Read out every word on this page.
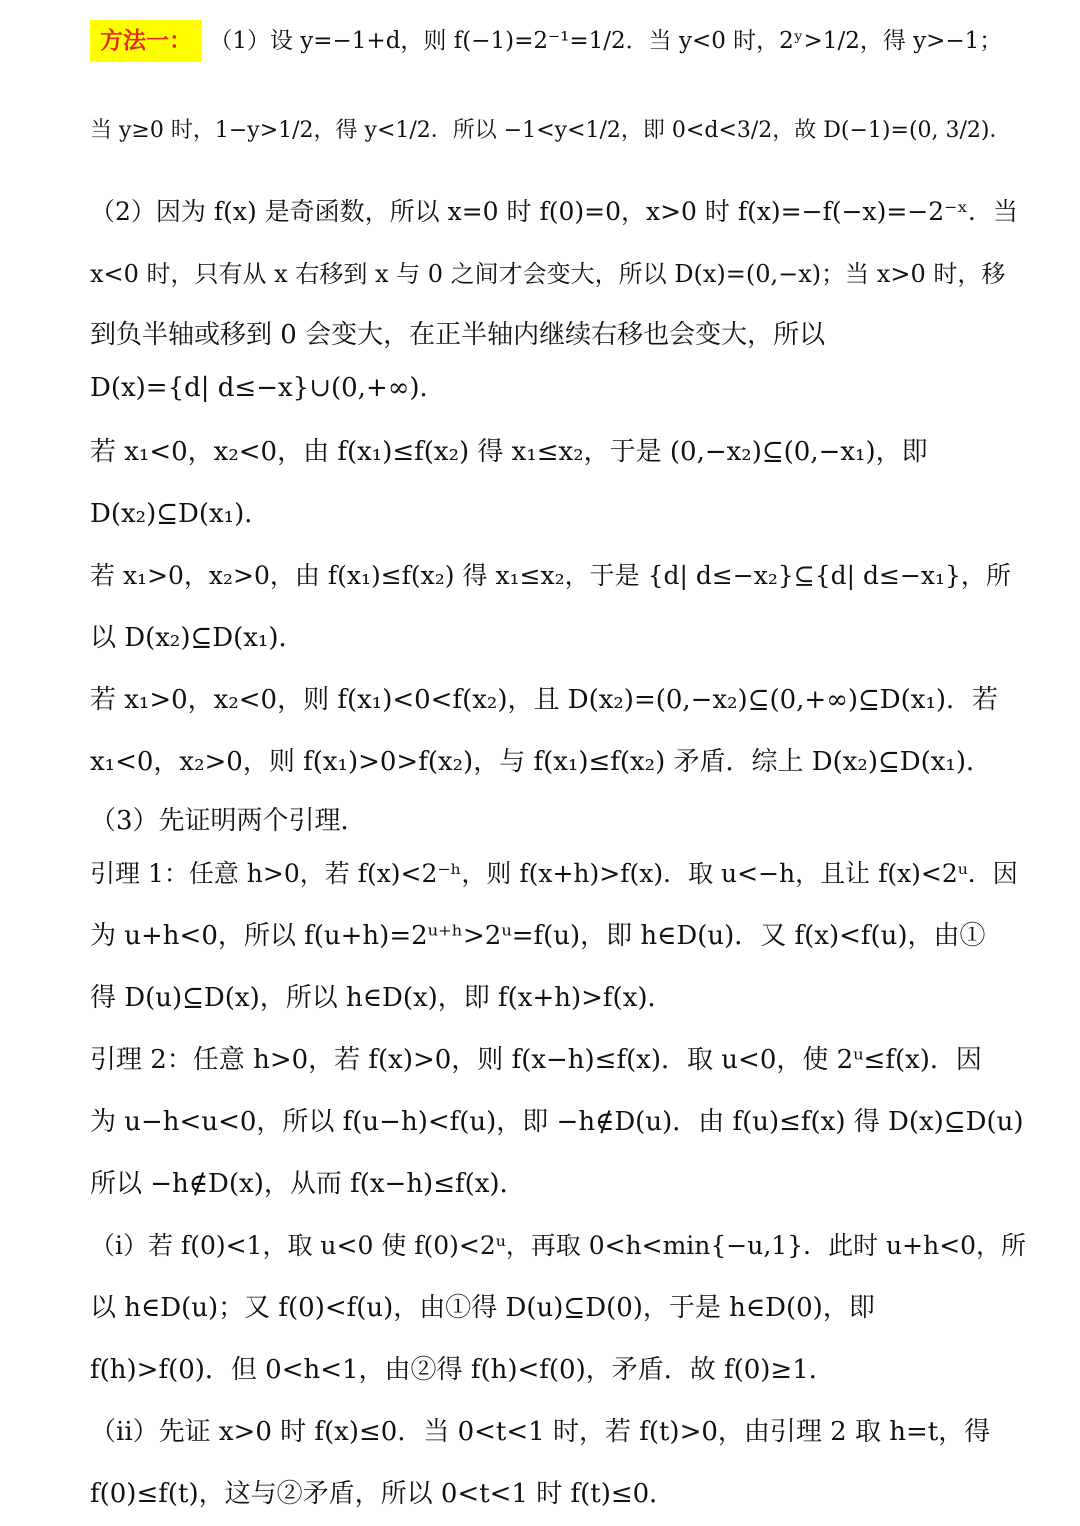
方法一： （1）设 y=−1+d，则 f(−1)=2⁻¹=1/2．当 y<0 时，2ʸ>1/2，得 y>−1；
当 y≥0 时，1−y>1/2，得 y<1/2．所以 −1<y<1/2，即 0<d<3/2，故 D(−1)=(0, 3/2)．
（2）因为 f(x) 是奇函数，所以 x=0 时 f(0)=0，x>0 时 f(x)=−f(−x)=−2⁻ˣ．当
x<0 时，只有从 x 右移到 x 与 0 之间才会变大，所以 D(x)=(0,−x)；当 x>0 时，移
到负半轴或移到 0 会变大，在正半轴内继续右移也会变大，所以
D(x)={d| d≤−x}∪(0,+∞)．
若 x₁<0，x₂<0，由 f(x₁)≤f(x₂) 得 x₁≤x₂，于是 (0,−x₂)⊆(0,−x₁)，即
D(x₂)⊆D(x₁)．
若 x₁>0，x₂>0，由 f(x₁)≤f(x₂) 得 x₁≤x₂，于是 {d| d≤−x₂}⊆{d| d≤−x₁}，所
以 D(x₂)⊆D(x₁)．
若 x₁>0，x₂<0，则 f(x₁)<0<f(x₂)，且 D(x₂)=(0,−x₂)⊆(0,+∞)⊆D(x₁)．若
x₁<0，x₂>0，则 f(x₁)>0>f(x₂)，与 f(x₁)≤f(x₂) 矛盾．综上 D(x₂)⊆D(x₁)．
（3）先证明两个引理．
引理 1：任意 h>0，若 f(x)<2⁻ʰ，则 f(x+h)>f(x)．取 u<−h，且让 f(x)<2ᵘ．因
为 u+h<0，所以 f(u+h)=2ᵘ⁺ʰ>2ᵘ=f(u)，即 h∈D(u)．又 f(x)<f(u)，由①
得 D(u)⊆D(x)，所以 h∈D(x)，即 f(x+h)>f(x)．
引理 2：任意 h>0，若 f(x)>0，则 f(x−h)≤f(x)．取 u<0，使 2ᵘ≤f(x)．因
为 u−h<u<0，所以 f(u−h)<f(u)，即 −h∉D(u)．由 f(u)≤f(x) 得 D(x)⊆D(u)
所以 −h∉D(x)，从而 f(x−h)≤f(x)．
（i）若 f(0)<1，取 u<0 使 f(0)<2ᵘ，再取 0<h<min{−u,1}．此时 u+h<0，所
以 h∈D(u)；又 f(0)<f(u)，由①得 D(u)⊆D(0)，于是 h∈D(0)，即
f(h)>f(0)．但 0<h<1，由②得 f(h)<f(0)，矛盾．故 f(0)≥1．
（ii）先证 x>0 时 f(x)≤0．当 0<t<1 时，若 f(t)>0，由引理 2 取 h=t，得
f(0)≤f(t)，这与②矛盾，所以 0<t<1 时 f(t)≤0．
